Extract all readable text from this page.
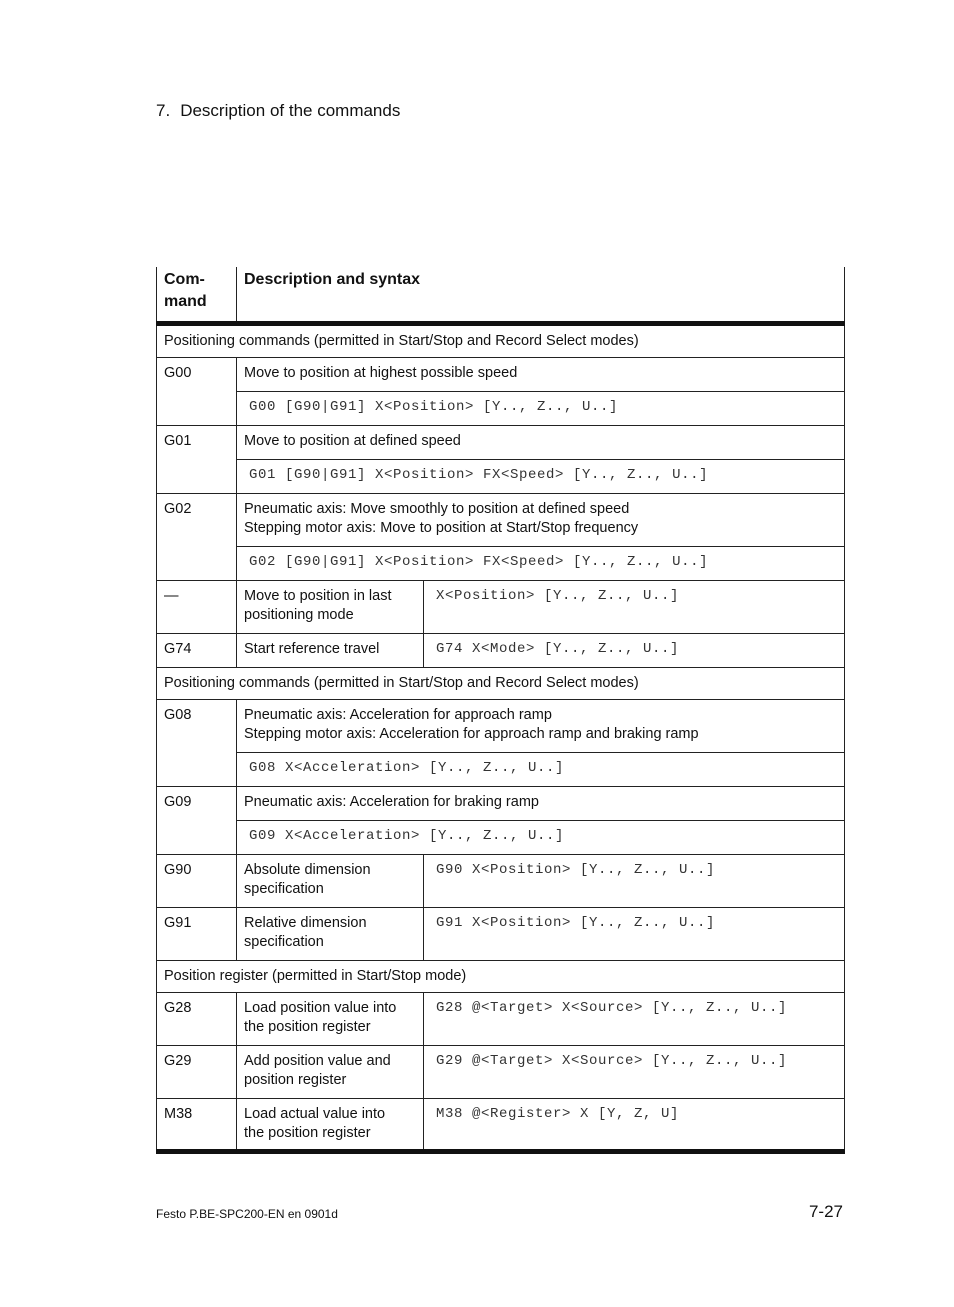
7. Description of the commands
Com-
mand	Description and syntax	
Positioning commands (permitted in Start/Stop and Record Select modes)		
G00	Move to position at highest possible speed	
	G00 [G90|G91] X<Position> [Y.., Z.., U..]	
G01	Move to position at defined speed	
	G01 [G90|G91] X<Position> FX<Speed> [Y.., Z.., U..]	
G02	Pneumatic axis: Move smoothly to position at defined speed
Stepping motor axis: Move to position at Start/Stop frequency	
	G02 [G90|G91] X<Position> FX<Speed> [Y.., Z.., U..]	
—	Move to position in last
positioning mode	X<Position> [Y.., Z.., U..]
G74	Start reference travel	G74 X<Mode> [Y.., Z.., U..]
Positioning commands (permitted in Start/Stop and Record Select modes)		
G08	Pneumatic axis: Acceleration for approach ramp
Stepping motor axis: Acceleration for approach ramp and braking ramp	
	G08 X<Acceleration> [Y.., Z.., U..]	
G09	Pneumatic axis: Acceleration for braking ramp	
	G09 X<Acceleration> [Y.., Z.., U..]	
G90	Absolute dimension
specification	G90 X<Position> [Y.., Z.., U..]
G91	Relative dimension
specification	G91 X<Position> [Y.., Z.., U..]
Position register (permitted in Start/Stop mode)		
G28	Load position value into
the position register	G28 @<Target> X<Source> [Y.., Z.., U..]
G29	Add position value and
position register	G29 @<Target> X<Source> [Y.., Z.., U..]
M38	Load actual value into
the position register	M38 @<Register> X [Y, Z, U]
Festo P.BE-SPC200-EN en 0901d	7-27
